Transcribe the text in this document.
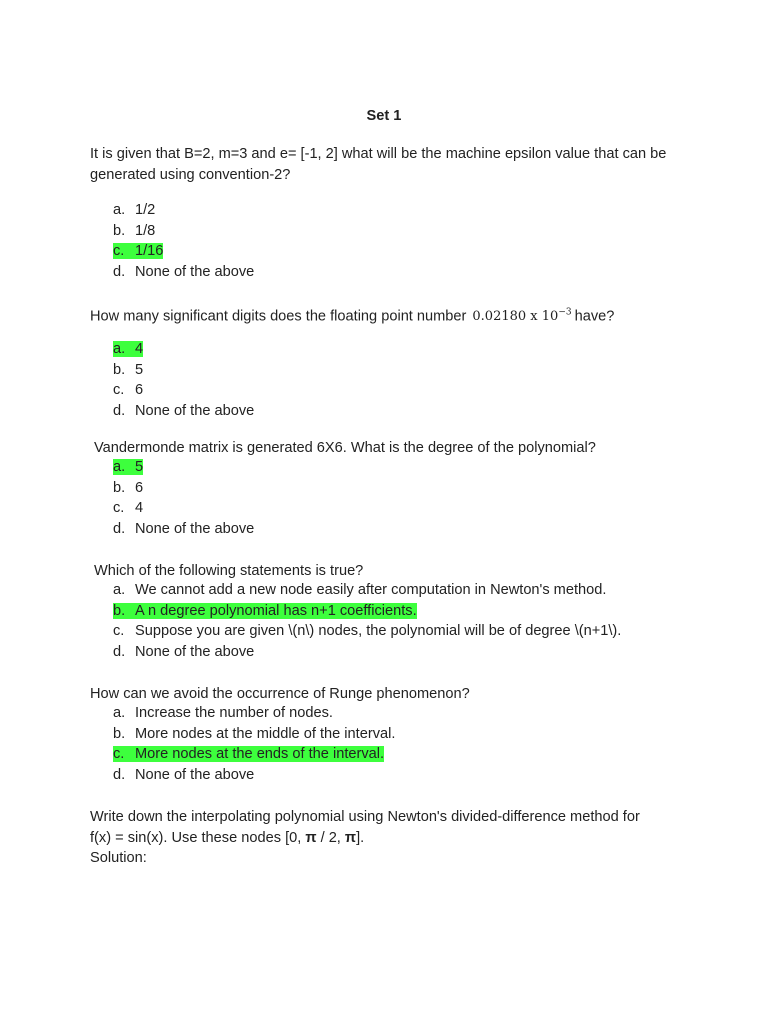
Set 1
It is given that B=2, m=3 and e= [-1, 2] what will be the machine epsilon value that can be generated using convention-2?
a. 1/2
b. 1/8
c. 1/16
d. None of the above
How many significant digits does the floating point number 0.02180 x $10^{-3}$ have?
a. 4
b. 5
c. 6
d. None of the above
Vandermonde matrix is generated 6X6. What is the degree of the polynomial?
a. 5
b. 6
c. 4
d. None of the above
Which of the following statements is true?
a. We cannot add a new node easily after computation in Newton's method.
b. A n degree polynomial has n+1 coefficients.
c. Suppose you are given \(n\) nodes, the polynomial will be of degree \(n+1\).
d. None of the above
How can we avoid the occurrence of Runge phenomenon?
a. Increase the number of nodes.
b. More nodes at the middle of the interval.
c. More nodes at the ends of the interval.
d. None of the above
Write down the interpolating polynomial using Newton's divided-difference method for
f(x) = sin(x). Use these nodes [0, π / 2, π].
Solution:
